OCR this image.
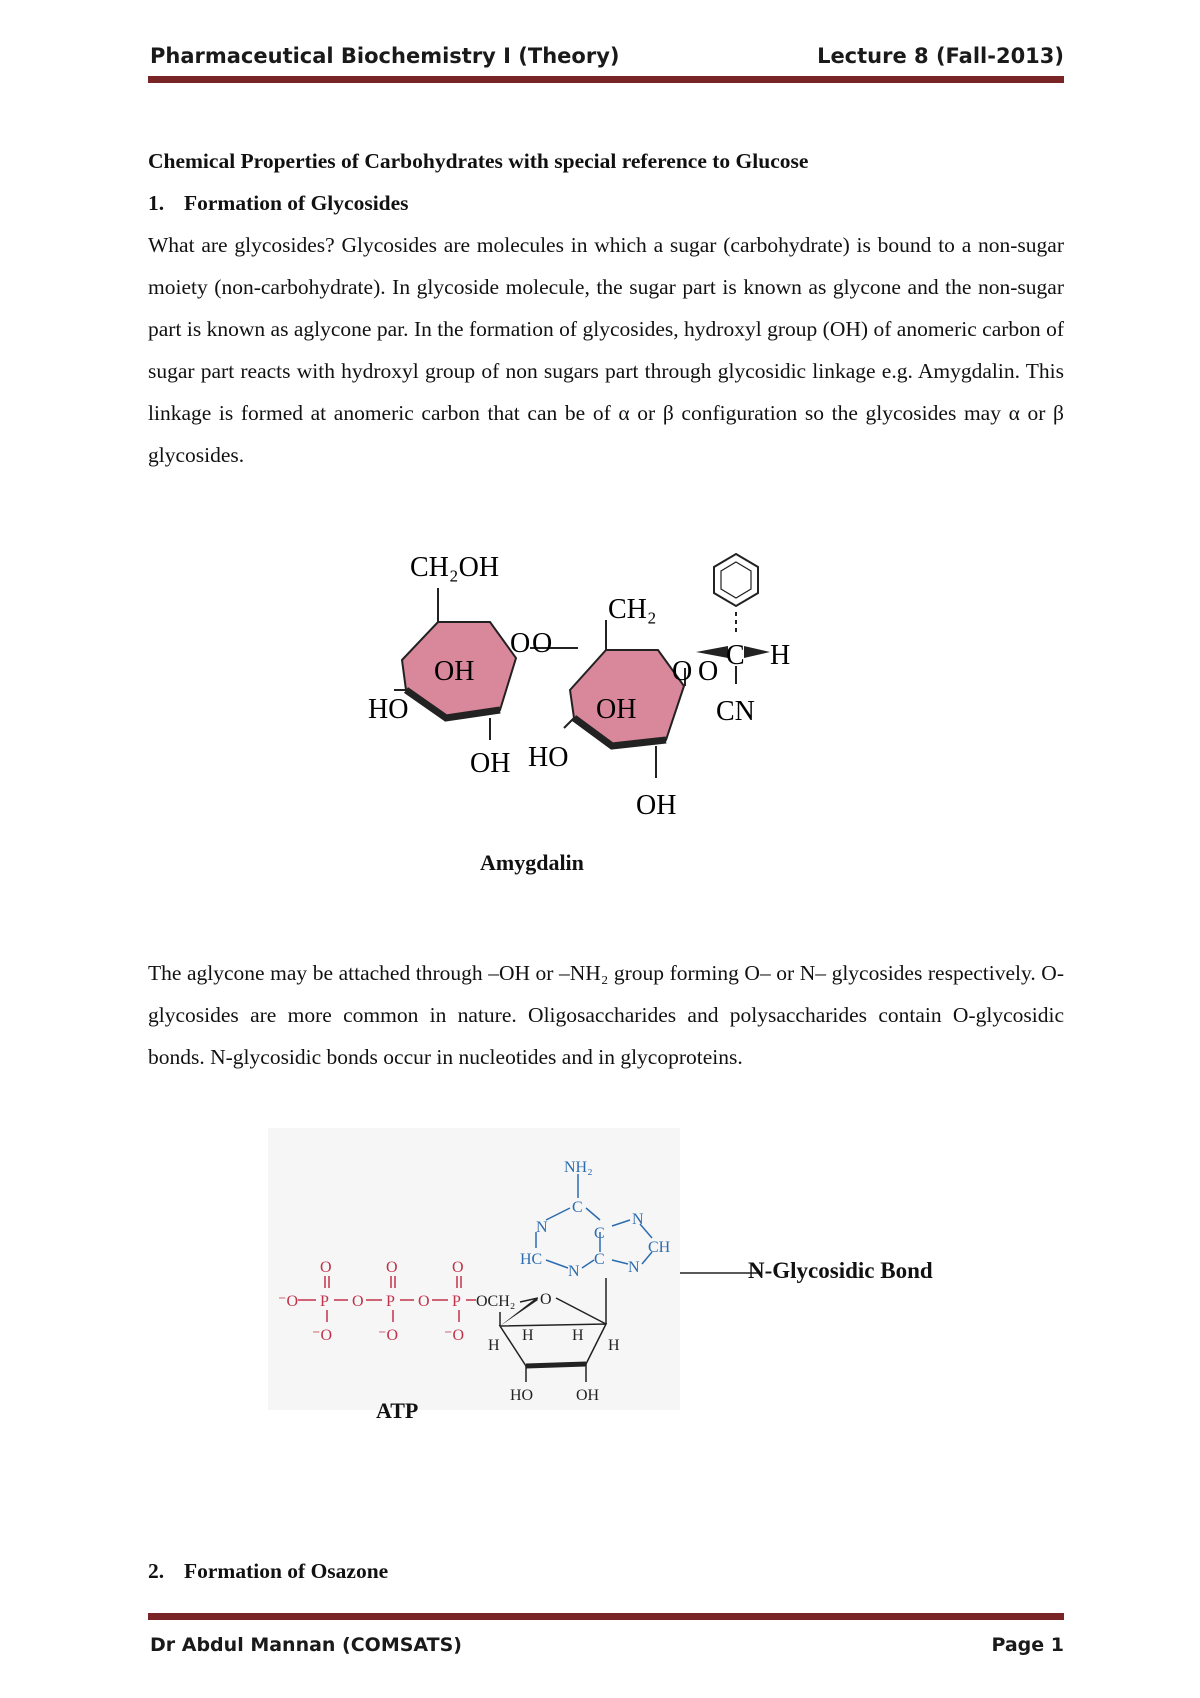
Pharmaceutical Biochemistry I (Theory)	Lecture 8 (Fall-2013)
Chemical Properties of Carbohydrates with special reference to Glucose
1. Formation of Glycosides

What are glycosides? Glycosides are molecules in which a sugar (carbohydrate) is bound to a non-sugar moiety (non-carbohydrate). In glycoside molecule, the sugar part is known as glycone and the non-sugar part is known as aglycone par. In the formation of glycosides, hydroxyl group (OH) of anomeric carbon of sugar part reacts with hydroxyl group of non sugars part through glycosidic linkage e.g. Amygdalin. This linkage is formed at anomeric carbon that can be of α or β configuration so the glycosides may α or β glycosides.

CH₂OH
O O
CH₂
OH
HO
OH
O O
C H
OH
HO
CN
OH
Amygdalin

The aglycone may be attached through –OH or –NH₂ group forming O– or N– glycosides respectively. O-glycosides are more common in nature. Oligosaccharides and polysaccharides contain O-glycosidic bonds. N-glycosidic bonds occur in nucleotides and in glycoproteins.

NH₂
N
C
N
C
CH
HC	C
N	N
O	O	O
⁻O P O P O P
⁻O	⁻O	⁻O
OCH₂ O
H
H H
H
HO	OH
N-Glycosidic Bond
ATP
2. Formation of Osazone
Dr Abdul Mannan (COMSATS)	Page 1
